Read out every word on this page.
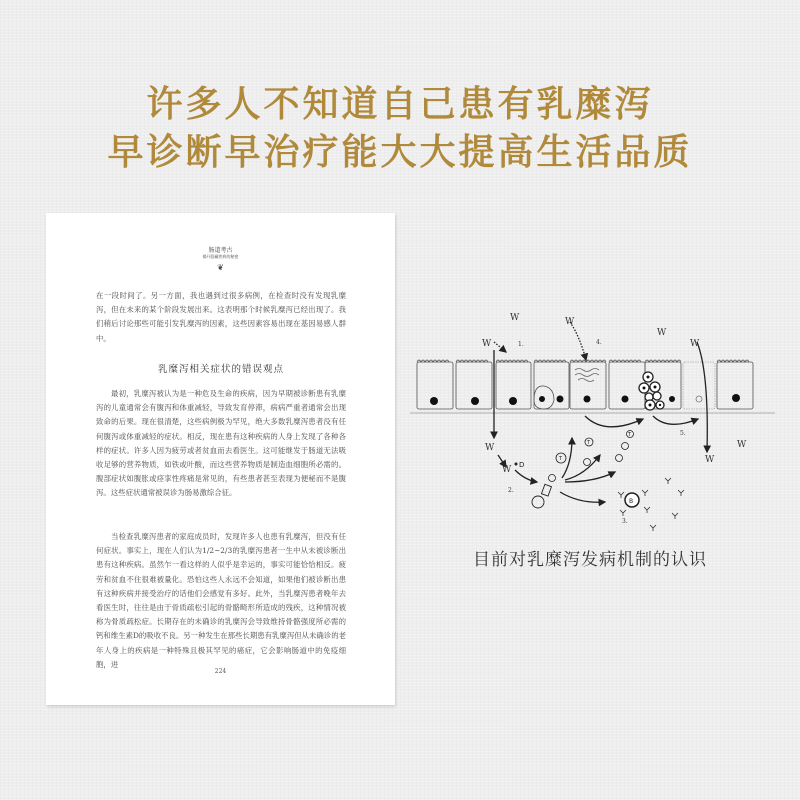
许多人不知道自己患有乳糜泻
早诊断早治疗能大大提高生活品质
肠道考古
揭开隐藏疾病的秘密
❦

在一段时间了。另一方面，我也遇到过很多病例，在检查时没有发现乳糜泻，但在未来的某个阶段发展出来。这表明那个时候乳糜泻已经出现了。我们稍后讨论那些可能引发乳糜泻的因素，这些因素容易出现在基因易感人群中。

乳糜泻相关症状的错误观点

最初，乳糜泻被认为是一种危及生命的疾病，因为早期被诊断患有乳糜泻的儿童通常会有腹泻和体重减轻，导致发育停滞，病病严重者通常会出现致命的后果。现在很清楚，这些病例极为罕见，绝大多数乳糜泻患者没有任何腹泻或体重减轻的症状。相反，现在患有这种疾病的人身上发现了各种各样的症状。许多人因为疲劳或者贫血而去看医生。这可能继发于肠道无法吸收足够的营养物质，如铁或叶酸，而这些营养物质是制造血细胞所必需的。腹部症状如腹胀或痉挛性疼痛是常见的，有些患者甚至表现为便秘而不是腹泻。这些症状通常被误诊为肠易激综合征。

当检查乳糜泻患者的家庭成员时，发现许多人也患有乳糜泻，但没有任何症状。事实上，现在人们认为1/2~2/3的乳糜泻患者一生中从未被诊断出患有这种疾病。虽然乍一看这样的人似乎是幸运的，事实可能恰恰相反。疲劳和贫血不住很难被量化。恐怕这些人永远不会知道，如果他们被诊断出患有这种疾病并接受治疗的话他们会感觉有多好。此外，当乳糜泻患者晚年去看医生时，往往是由于骨质疏松引起的骨骼畸形所造成的残疾，这种情况被称为骨质疏松症。长期存在的未确诊的乳糜泻会导致维持骨骼强度所必需的钙和维生素D的吸收不良。另一种发生在那些长期患有乳糜泻但从未确诊的老年人身上的疾病是一种特殊且极其罕见的癌症，它会影响肠道中的免疫细胞，进

224
W	W
W
W	W
W
W
W
W
1.
2.
3.
4.
5.
T
T
T
B
D
目前对乳糜泻发病机制的认识
